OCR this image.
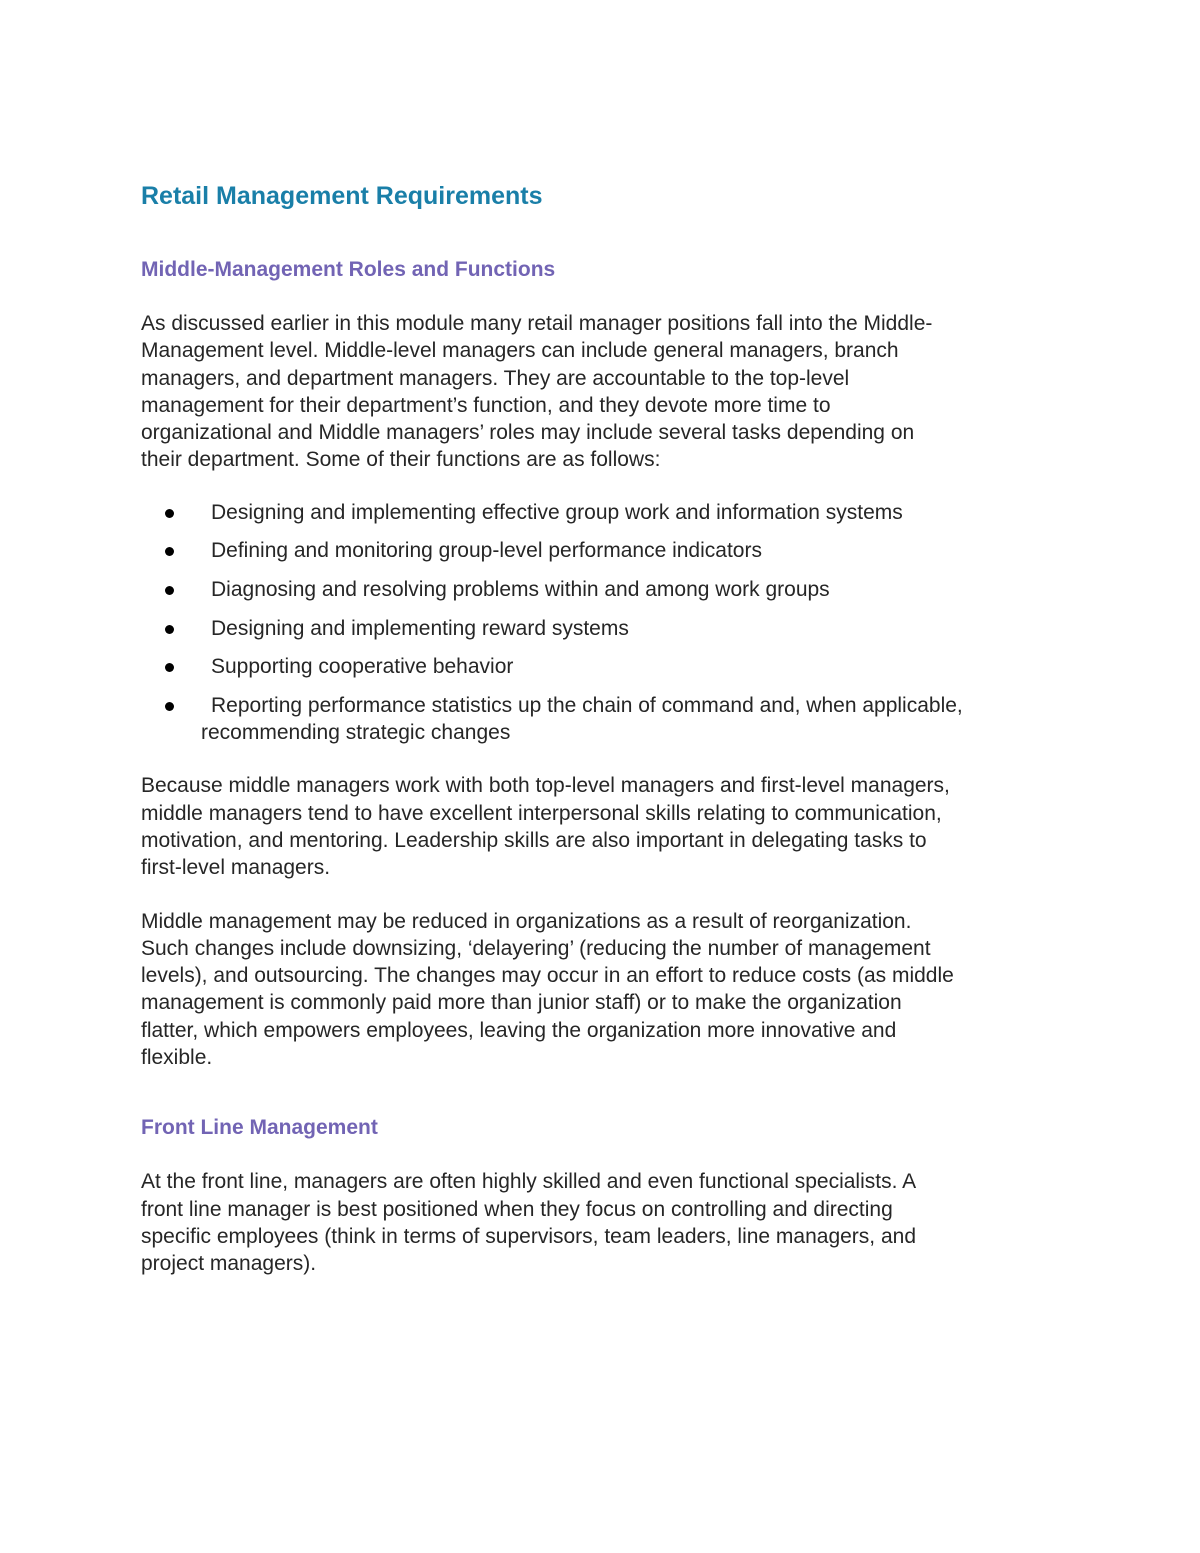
Retail Management Requirements
Middle-Management Roles and Functions

As discussed earlier in this module many retail manager positions fall into the Middle-
Management level. Middle-level managers can include general managers, branch
managers, and department managers. They are accountable to the top-level
management for their department’s function, and they devote more time to
organizational and Middle managers’ roles may include several tasks depending on
their department. Some of their functions are as follows:

Designing and implementing effective group work and information systems
Defining and monitoring group-level performance indicators
Diagnosing and resolving problems within and among work groups
Designing and implementing reward systems
Supporting cooperative behavior
Reporting performance statistics up the chain of command and, when applicable, recommending strategic changes

Because middle managers work with both top-level managers and first-level managers,
middle managers tend to have excellent interpersonal skills relating to communication,
motivation, and mentoring. Leadership skills are also important in delegating tasks to
first-level managers.

Middle management may be reduced in organizations as a result of reorganization.
Such changes include downsizing, ‘delayering’ (reducing the number of management
levels), and outsourcing. The changes may occur in an effort to reduce costs (as middle
management is commonly paid more than junior staff) or to make the organization
flatter, which empowers employees, leaving the organization more innovative and
flexible.

Front Line Management

At the front line, managers are often highly skilled and even functional specialists. A
front line manager is best positioned when they focus on controlling and directing
specific employees (think in terms of supervisors, team leaders, line managers, and
project managers).
